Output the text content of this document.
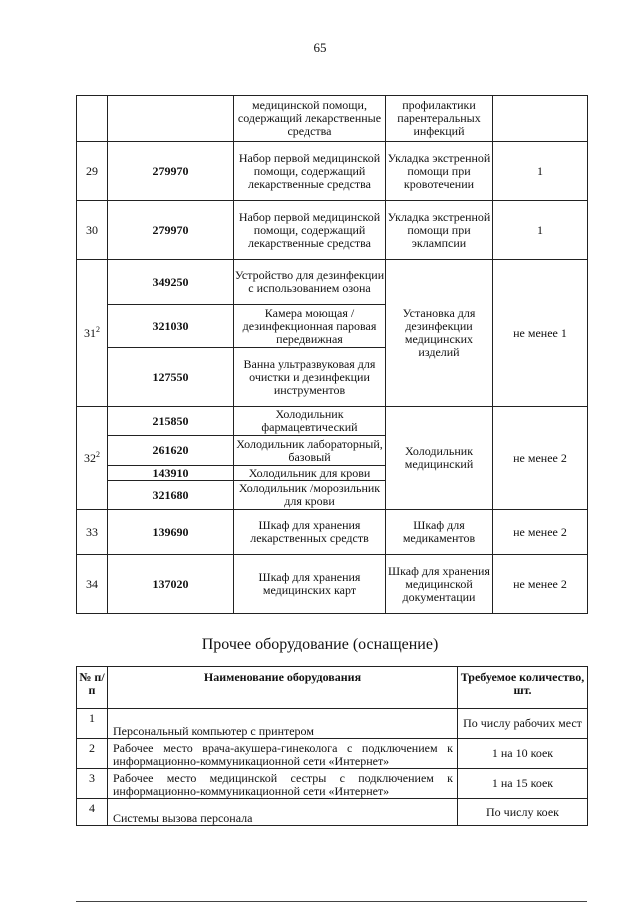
65
		медицинской помощи, содержащий лекарственные средства	профилактики парентеральных инфекций	
29	279970	Набор первой медицинской помощи, содержащий лекарственные средства	Укладка экстренной помощи при кровотечении	1
30	279970	Набор первой медицинской помощи, содержащий лекарственные средства	Укладка экстренной помощи при эклампсии	1
$31^2$	349250	Устройство для дезинфекции с использованием озона	Установка для дезинфекции медицинских изделий	не менее 1
	321030	Камера моющая /дезинфекционная паровая передвижная		
	127550	Ванна ультразвуковая для очистки и дезинфекции инструментов		
$32^2$	215850	Холодильник фармацевтический	Холодильник медицинский	не менее 2
	261620	Холодильник лабораторный, базовый		
	143910	Холодильник для крови		
	321680	Холодильник /морозильник для крови		
33	139690	Шкаф для хранения лекарственных средств	Шкаф для медикаментов	не менее 2
34	137020	Шкаф для хранения медицинских карт	Шкаф для хранения медицинской документации	не менее 2
Прочее оборудование (оснащение)
№ п/п	Наименование оборудования	Требуемое количество, шт.
1	Персональный компьютер с принтером	По числу рабочих мест
2	Рабочее место врача-акушера-гинеколога с подключением к информационно-коммуникационной сети «Интернет»	1 на 10 коек
3	Рабочее место медицинской сестры с подключением к информационно-коммуникационной сети «Интернет»	1 на 15 коек
4	Системы вызова персонала	По числу коек
